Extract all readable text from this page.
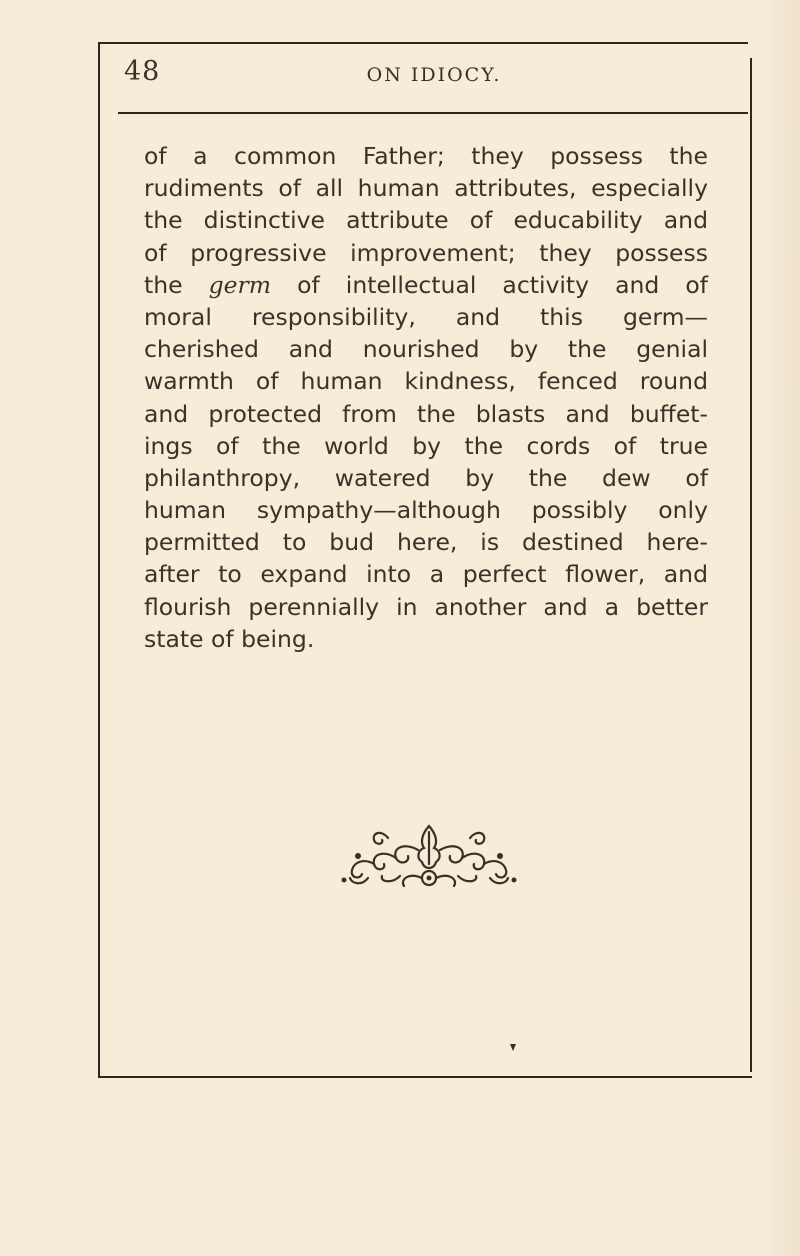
48	ON IDIOCY.
of a common Father; they possess the
rudiments of all human attributes, especially
the distinctive attribute of educability and
of progressive improvement; they possess
the germ of intellectual activity and of
moral responsibility, and this germ—
cherished and nourished by the genial
warmth of human kindness, fenced round
and protected from the blasts and buffet-
ings of the world by the cords of true
philanthropy, watered by the dew of
human sympathy—although possibly only
permitted to bud here, is destined here-
after to expand into a perfect flower, and
flourish perennially in another and a better
state of being.
